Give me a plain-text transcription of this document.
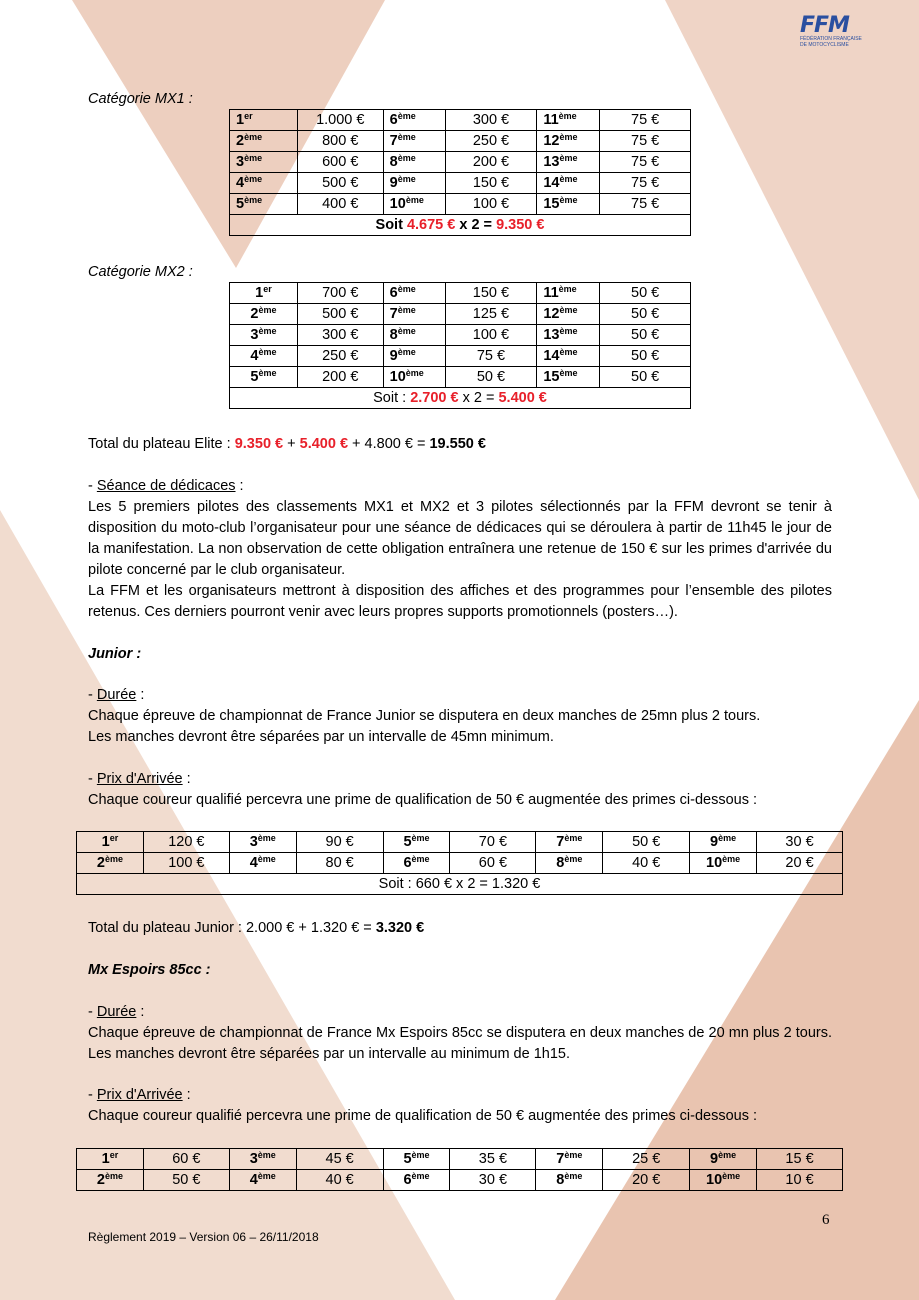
FFM
FÉDÉRATION FRANÇAISE DE MOTOCYCLISME
Catégorie MX1 :
1er	1.000 €	6ème	300 €	11ème	75 €
2ème	800 €	7ème	250 €	12ème	75 €
3ème	600 €	8ème	200 €	13ème	75 €
4ème	500 €	9ème	150 €	14ème	75 €
5ème	400 €	10ème	100 €	15ème	75 €
Soit 4.675 € x 2 = 9.350 €					
Catégorie MX2 :
1er	700 €	6ème	150 €	11ème	50 €
2ème	500 €	7ème	125 €	12ème	50 €
3ème	300 €	8ème	100 €	13ème	50 €
4ème	250 €	9ème	75 €	14ème	50 €
5ème	200 €	10ème	50 €	15ème	50 €
Soit : 2.700 € x 2 = 5.400 €					
Total du plateau Elite : 9.350 € + 5.400 € + 4.800 € = 19.550 €
- Séance de dédicaces :
Les 5 premiers pilotes des classements MX1 et MX2 et 3 pilotes sélectionnés par la FFM devront se tenir à disposition du moto-club l’organisateur pour une séance de dédicaces qui se déroulera à partir de 11h45 le jour de la manifestation. La non observation de cette obligation entraînera une retenue de 150 € sur les primes d'arrivée du pilote concerné par le club organisateur.
La FFM et les organisateurs mettront à disposition des affiches et des programmes pour l’ensemble des pilotes retenus. Ces derniers pourront venir avec leurs propres supports promotionnels (posters…).
Junior :
- Durée :
Chaque épreuve de championnat de France Junior se disputera en deux manches de 25mn plus 2 tours.
Les manches devront être séparées par un intervalle de 45mn minimum.
- Prix d'Arrivée :
Chaque coureur qualifié percevra une prime de qualification de 50 € augmentée des primes ci-dessous :
1er	120 €	3ème	90 €	5ème	70 €	7ème	50 €	9ème	30 €
2ème	100 €	4ème	80 €	6ème	60 €	8ème	40 €	10ème	20 €
Soit : 660 € x 2 = 1.320 €									
Total du plateau Junior : 2.000 € + 1.320 € = 3.320 €
Mx Espoirs 85cc :
- Durée :
Chaque épreuve de championnat de France Mx Espoirs 85cc se disputera en deux manches de 20 mn plus 2 tours. Les manches devront être séparées par un intervalle au minimum de 1h15.
- Prix d'Arrivée :
Chaque coureur qualifié percevra une prime de qualification de 50 € augmentée des primes ci-dessous :
1er	60 €	3ème	45 €	5ème	35 €	7ème	25 €	9ème	15 €
2ème	50 €	4ème	40 €	6ème	30 €	8ème	20 €	10ème	10 €
6
Règlement 2019 – Version 06 – 26/11/2018
